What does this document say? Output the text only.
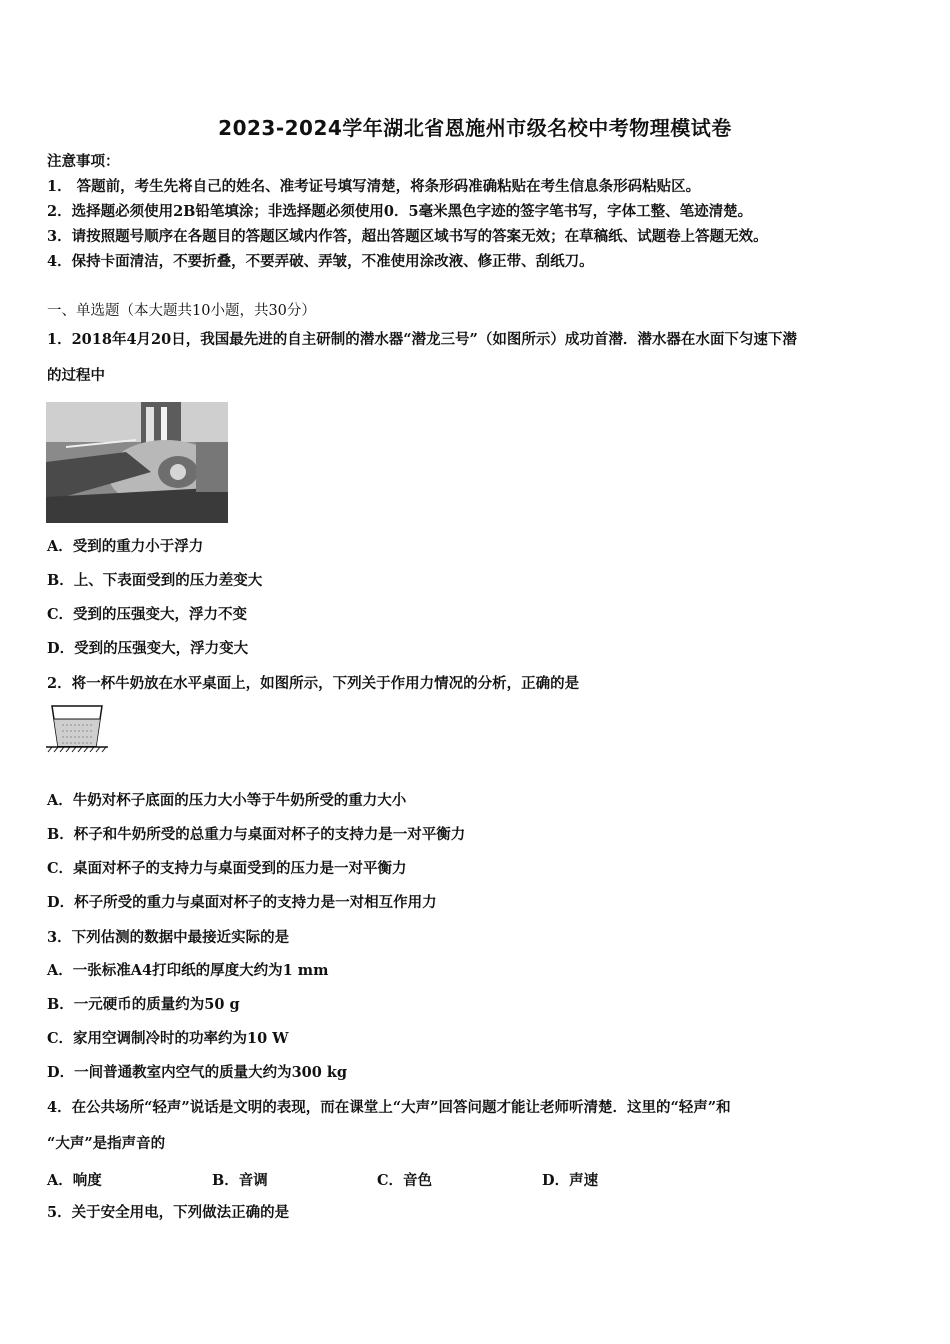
2023-2024学年湖北省恩施州市级名校中考物理模试卷
注意事项：
1． 答题前，考生先将自己的姓名、准考证号填写清楚，将条形码准确粘贴在考生信息条形码粘贴区。
2．选择题必须使用2B铅笔填涂；非选择题必须使用0．5毫米黑色字迹的签字笔书写，字体工整、笔迹清楚。
3．请按照题号顺序在各题目的答题区域内作答，超出答题区域书写的答案无效；在草稿纸、试题卷上答题无效。
4．保持卡面清洁，不要折叠，不要弄破、弄皱，不准使用涂改液、修正带、刮纸刀。
一、单选题（本大题共10小题，共30分）
1．2018年4月20日，我国最先进的自主研制的潜水器“潜龙三号”（如图所示）成功首潜．潜水器在水面下匀速下潜
的过程中
A．受到的重力小于浮力
B．上、下表面受到的压力差变大
C．受到的压强变大，浮力不变
D．受到的压强变大，浮力变大
2．将一杯牛奶放在水平桌面上，如图所示，下列关于作用力情况的分析，正确的是
A．牛奶对杯子底面的压力大小等于牛奶所受的重力大小
B．杯子和牛奶所受的总重力与桌面对杯子的支持力是一对平衡力
C．桌面对杯子的支持力与桌面受到的压力是一对平衡力
D．杯子所受的重力与桌面对杯子的支持力是一对相互作用力
3．下列估测的数据中最接近实际的是
A．一张标准A4打印纸的厚度大约为1 mm
B．一元硬币的质量约为50 g
C．家用空调制冷时的功率约为10 W
D．一间普通教室内空气的质量大约为300 kg
4．在公共场所“轻声”说话是文明的表现，而在课堂上“大声”回答问题才能让老师听清楚．这里的“轻声”和
“大声”是指声音的
A．响度	B．音调	C．音色	D．声速
5．关于安全用电，下列做法正确的是
